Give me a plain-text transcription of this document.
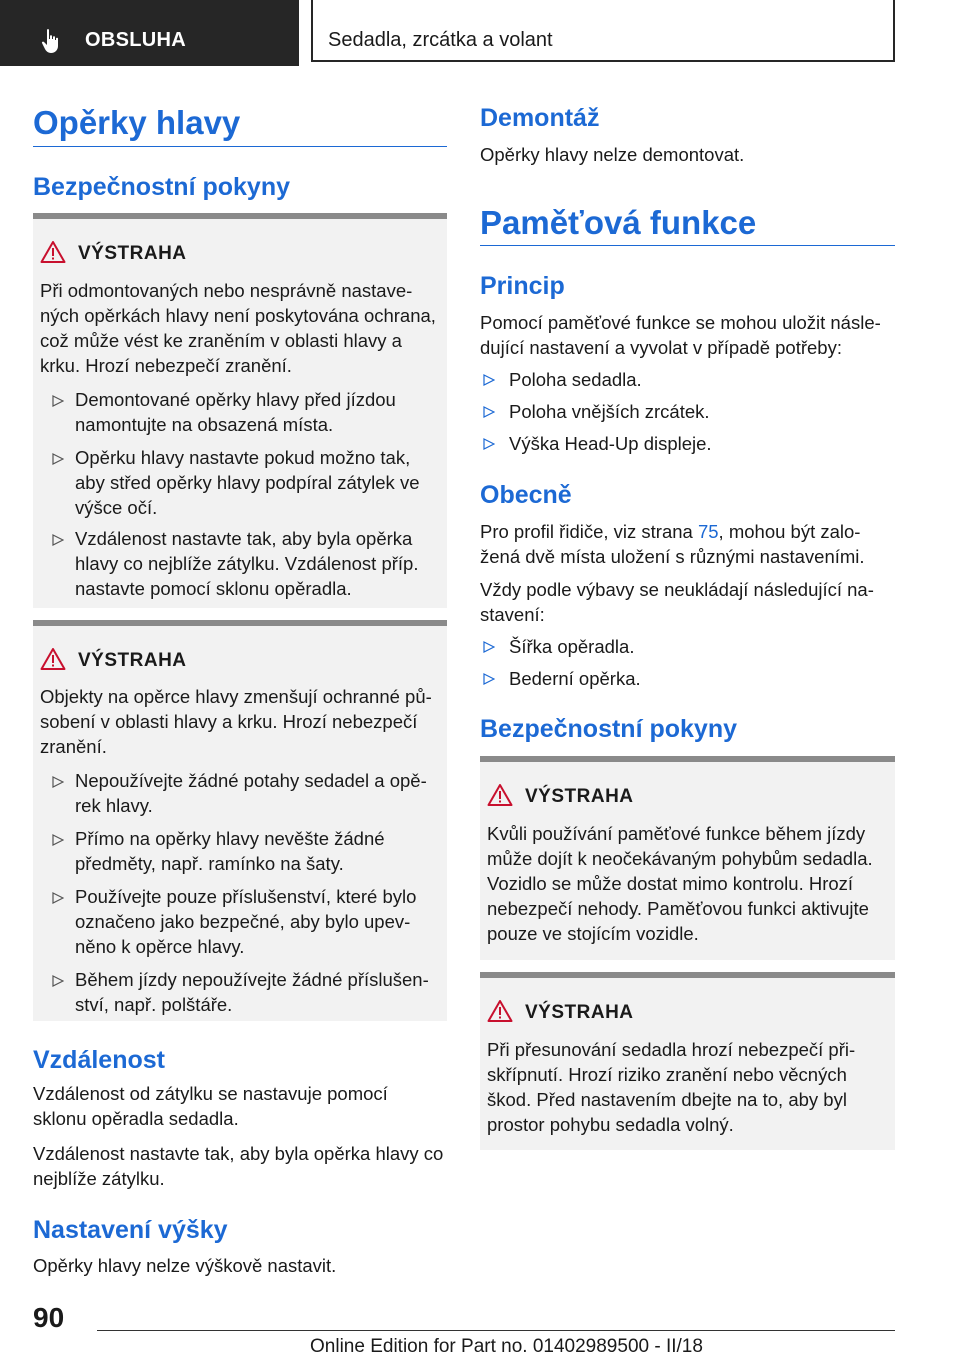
OBSLUHA	Sedadla, zrcátka a volant
Opěrky hlavy
Bezpečnostní pokyny
VÝSTRAHA
Při odmontovaných nebo nesprávně nastave‐
ných opěrkách hlavy není poskytována ochrana,
což může vést ke zraněním v oblasti hlavy a
krku. Hrozí nebezpečí zranění.
Demontované opěrky hlavy před jízdou
namontujte na obsazená místa.
Opěrku hlavy nastavte pokud možno tak,
aby střed opěrky hlavy podpíral zátylek ve
výšce očí.
Vzdálenost nastavte tak, aby byla opěrka
hlavy co nejblíže zátylku. Vzdálenost příp.
nastavte pomocí sklonu opěradla.
VÝSTRAHA
Objekty na opěrce hlavy zmenšují ochranné pů‐
sobení v oblasti hlavy a krku. Hrozí nebezpečí
zranění.
Nepoužívejte žádné potahy sedadel a opě‐
rek hlavy.
Přímo na opěrky hlavy nevěšte žádné
předměty, např. ramínko na šaty.
Používejte pouze příslušenství, které bylo
označeno jako bezpečné, aby bylo upev‐
něno k opěrce hlavy.
Během jízdy nepoužívejte žádné příslušen‐
ství, např. polštáře.
Vzdálenost
Vzdálenost od zátylku se nastavuje pomocí
sklonu opěradla sedadla.
Vzdálenost nastavte tak, aby byla opěrka hlavy co
nejblíže zátylku.
Nastavení výšky
Opěrky hlavy nelze výškově nastavit.
Demontáž
Opěrky hlavy nelze demontovat.
Paměťová funkce
Princip
Pomocí paměťové funkce se mohou uložit násle‐
dující nastavení a vyvolat v případě potřeby:
Poloha sedadla.
Poloha vnějších zrcátek.
Výška Head-Up displeje.
Obecně
Pro profil řidiče, viz strana 75, mohou být zalo‐
žená dvě místa uložení s různými nastaveními.
Vždy podle výbavy se neukládají následující na‐
stavení:
Šířka opěradla.
Bederní opěrka.
Bezpečnostní pokyny
VÝSTRAHA
Kvůli používání paměťové funkce během jízdy
může dojít k neočekávaným pohybům sedadla.
Vozidlo se může dostat mimo kontrolu. Hrozí
nebezpečí nehody. Paměťovou funkci aktivujte
pouze ve stojícím vozidle.
VÝSTRAHA
Při přesunování sedadla hrozí nebezpečí při‐
skřípnutí. Hrozí riziko zranění nebo věcných
škod. Před nastavením dbejte na to, aby byl
prostor pohybu sedadla volný.
90
Online Edition for Part no. 01402989500 - II/18
